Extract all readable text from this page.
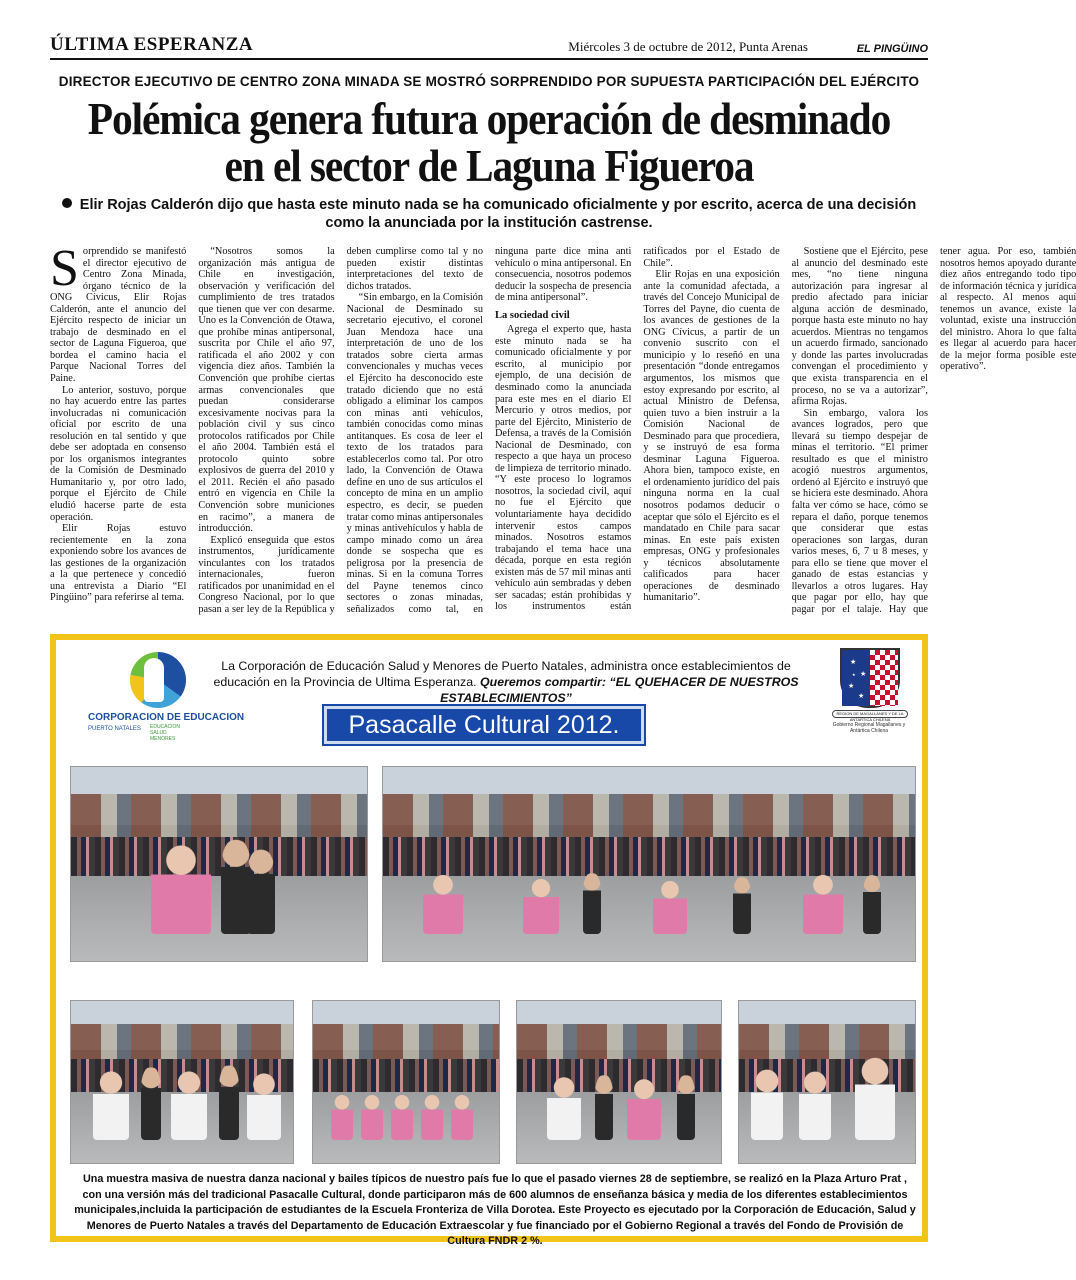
ÚLTIMA ESPERANZA	Miércoles 3 de octubre de 2012, Punta Arenas	EL PINGÜINO
DIRECTOR EJECUTIVO DE CENTRO ZONA MINADA SE MOSTRÓ SORPRENDIDO POR SUPUESTA PARTICIPACIÓN DEL EJÉRCITO
Polémica genera futura operación de desminado en el sector de Laguna Figueroa
Elir Rojas Calderón dijo que hasta este minuto nada se ha comunicado oficialmente y por escrito, acerca de una decisión como la anunciada por la institución castrense.

Sorprendido se manifestó el director ejecutivo de Centro Zona Minada, órgano técnico de la ONG Cívicus, Elir Rojas Calderón, ante el anuncio del Ejército respecto de iniciar un trabajo de desminado en el sector de Laguna Figueroa, que bordea el camino hacia el Parque Nacional Torres del Paine.

Lo anterior, sostuvo, porque no hay acuerdo entre las partes involucradas ni comunicación oficial por escrito de una resolución en tal sentido y que debe ser adoptada en consenso por los organismos integrantes de la Comisión de Desminado Humanitario y, por otro lado, porque el Ejército de Chile eludió hacerse parte de esta operación.

Elir Rojas estuvo recientemente en la zona exponiendo sobre los avances de las gestiones de la organización a la que pertenece y concedió una entrevista a Diario “El Pingüino” para referirse al tema.

“Nosotros somos la organización más antigua de Chile en investigación, observación y verificación del cumplimiento de tres tratados que tienen que ver con desarme. Uno es la Convención de Otawa, que prohíbe minas antipersonal, suscrita por Chile el año 97, ratificada el año 2002 y con vigencia diez años. También la Convención que prohíbe ciertas armas convencionales que puedan considerarse excesivamente nocivas para la población civil y sus cinco protocolos ratificados por Chile el año 2004. También está el protocolo quinto sobre explosivos de guerra del 2010 y el 2011. Recién el año pasado entró en vigencia en Chile la Convención sobre municiones en racimo”, a manera de introducción.

Explicó enseguida que estos instrumentos, jurídicamente vinculantes con los tratados internacionales, fueron ratificados por unanimidad en el Congreso Nacional, por lo que pasan a ser ley de la República y deben cumplirse como tal y no pueden existir distintas interpretaciones del texto de dichos tratados.

“Sin embargo, en la Comisión Nacional de Desminado su secretario ejecutivo, el coronel Juan Mendoza hace una interpretación de uno de los tratados sobre cierta armas convencionales y muchas veces el Ejército ha desconocido este tratado diciendo que no está obligado a eliminar los campos con minas anti vehículos, también conocidas como minas antitanques. Es cosa de leer el texto de los tratados para establecerlos como tal. Por otro lado, la Convención de Otawa define en uno de sus artículos el concepto de mina en un amplio espectro, es decir, se pueden tratar como minas antipersonales y minas antivehículos y habla de campo minado como un área donde se sospecha que es peligrosa por la presencia de minas. Si en la comuna Torres del Payne tenemos cinco sectores o zonas minadas, señalizados como tal, en ninguna parte dice mina anti vehículo o mina antipersonal. En consecuencia, nosotros podemos deducir la sospecha de presencia de mina antipersonal”.

La sociedad civil

Agrega el experto que, hasta este minuto nada se ha comunicado oficialmente y por escrito, al municipio por ejemplo, de una decisión de desminado como la anunciada para este mes en el diario El Mercurio y otros medios, por parte del Ejército, Ministerio de Defensa, a través de la Comisión Nacional de Desminado, con respecto a que haya un proceso de limpieza de territorio minado. “Y este proceso lo logramos nosotros, la sociedad civil, aquí no fue el Ejército que voluntariamente haya decidido intervenir estos campos minados. Nosotros estamos trabajando el tema hace una década, porque en esta región existen más de 57 mil minas anti vehículo aún sembradas y deben ser sacadas; están prohibidas y los instrumentos están ratificados por el Estado de Chile”.

Elir Rojas en una exposición ante la comunidad afectada, a través del Concejo Municipal de Torres del Payne, dio cuenta de los avances de gestiones de la ONG Cívicus, a partir de un convenio suscrito con el municipio y lo reseñó en una presentación “donde entregamos argumentos, los mismos que estoy expresando por escrito, al actual Ministro de Defensa, quien tuvo a bien instruir a la Comisión Nacional de Desminado para que procediera, y se instruyó de esa forma desminar Laguna Figueroa. Ahora bien, tampoco existe, en el ordenamiento jurídico del país ninguna norma en la cual nosotros podamos deducir o aceptar que sólo el Ejército es el mandatado en Chile para sacar minas. En este país existen empresas, ONG y profesionales y técnicos absolutamente calificados para hacer operaciones de desminado humanitario”.

Sostiene que el Ejército, pese al anuncio del desminado este mes, “no tiene ninguna autorización para ingresar al predio afectado para iniciar alguna acción de desminado, porque hasta este minuto no hay acuerdos. Mientras no tengamos un acuerdo firmado, sancionado y donde las partes involucradas convengan el procedimiento y que exista transparencia en el proceso, no se va a autorizar”, afirma Rojas.

Sin embargo, valora los avances logrados, pero que llevará su tiempo despejar de minas el territorio. “El primer resultado es que el ministro acogió nuestros argumentos, ordenó al Ejército e instruyó que se hiciera este desminado. Ahora falta ver cómo se hace, cómo se repara el daño, porque tenemos que considerar que estas operaciones son largas, duran varios meses, 6, 7 u 8 meses, y para ello se tiene que mover el ganado de estas estancias y llevarlos a otros lugares. Hay que pagar por ello, hay que pagar por el talaje. Hay que tener agua. Por eso, también nosotros hemos apoyado durante diez años entregando todo tipo de información técnica y jurídica al respecto. Al menos aquí tenemos un avance, existe la voluntad, existe una instrucción del ministro. Ahora lo que falta es llegar al acuerdo para hacer de la mejor forma posible este operativo”.

CORPORACION DE EDUCACION
PUERTO NATALES EDUCACION
SALUD
MENORES
La Corporación de Educación Salud y Menores de Puerto Natales, administra once establecimientos de educación en la Provincia de Ultima Esperanza. Queremos compartir: “EL QUEHACER DE NUESTROS ESTABLECIMIENTOS”
Pasacalle Cultural 2012.
★
★
★
★
★
REGION DE MAGALLANES Y DE LA ANTARTICA CHILENA
Gobierno Regional Magallanes y Antártica Chilena
Una muestra masiva de nuestra danza nacional y bailes típicos de nuestro país fue lo que el pasado viernes 28 de septiembre, se realizó en la Plaza Arturo Prat , con una versión más del tradicional Pasacalle Cultural, donde participaron más de 600 alumnos de enseñanza básica y media de los diferentes establecimientos municipales,incluida la participación de estudiantes de la Escuela Fronteriza de Villa Dorotea. Este Proyecto es ejecutado por la Corporación de Educación, Salud y Menores de Puerto Natales a través del Departamento de Educación Extraescolar y fue financiado por el Gobierno Regional a través del Fondo de Provisión de Cultura FNDR 2 %.
